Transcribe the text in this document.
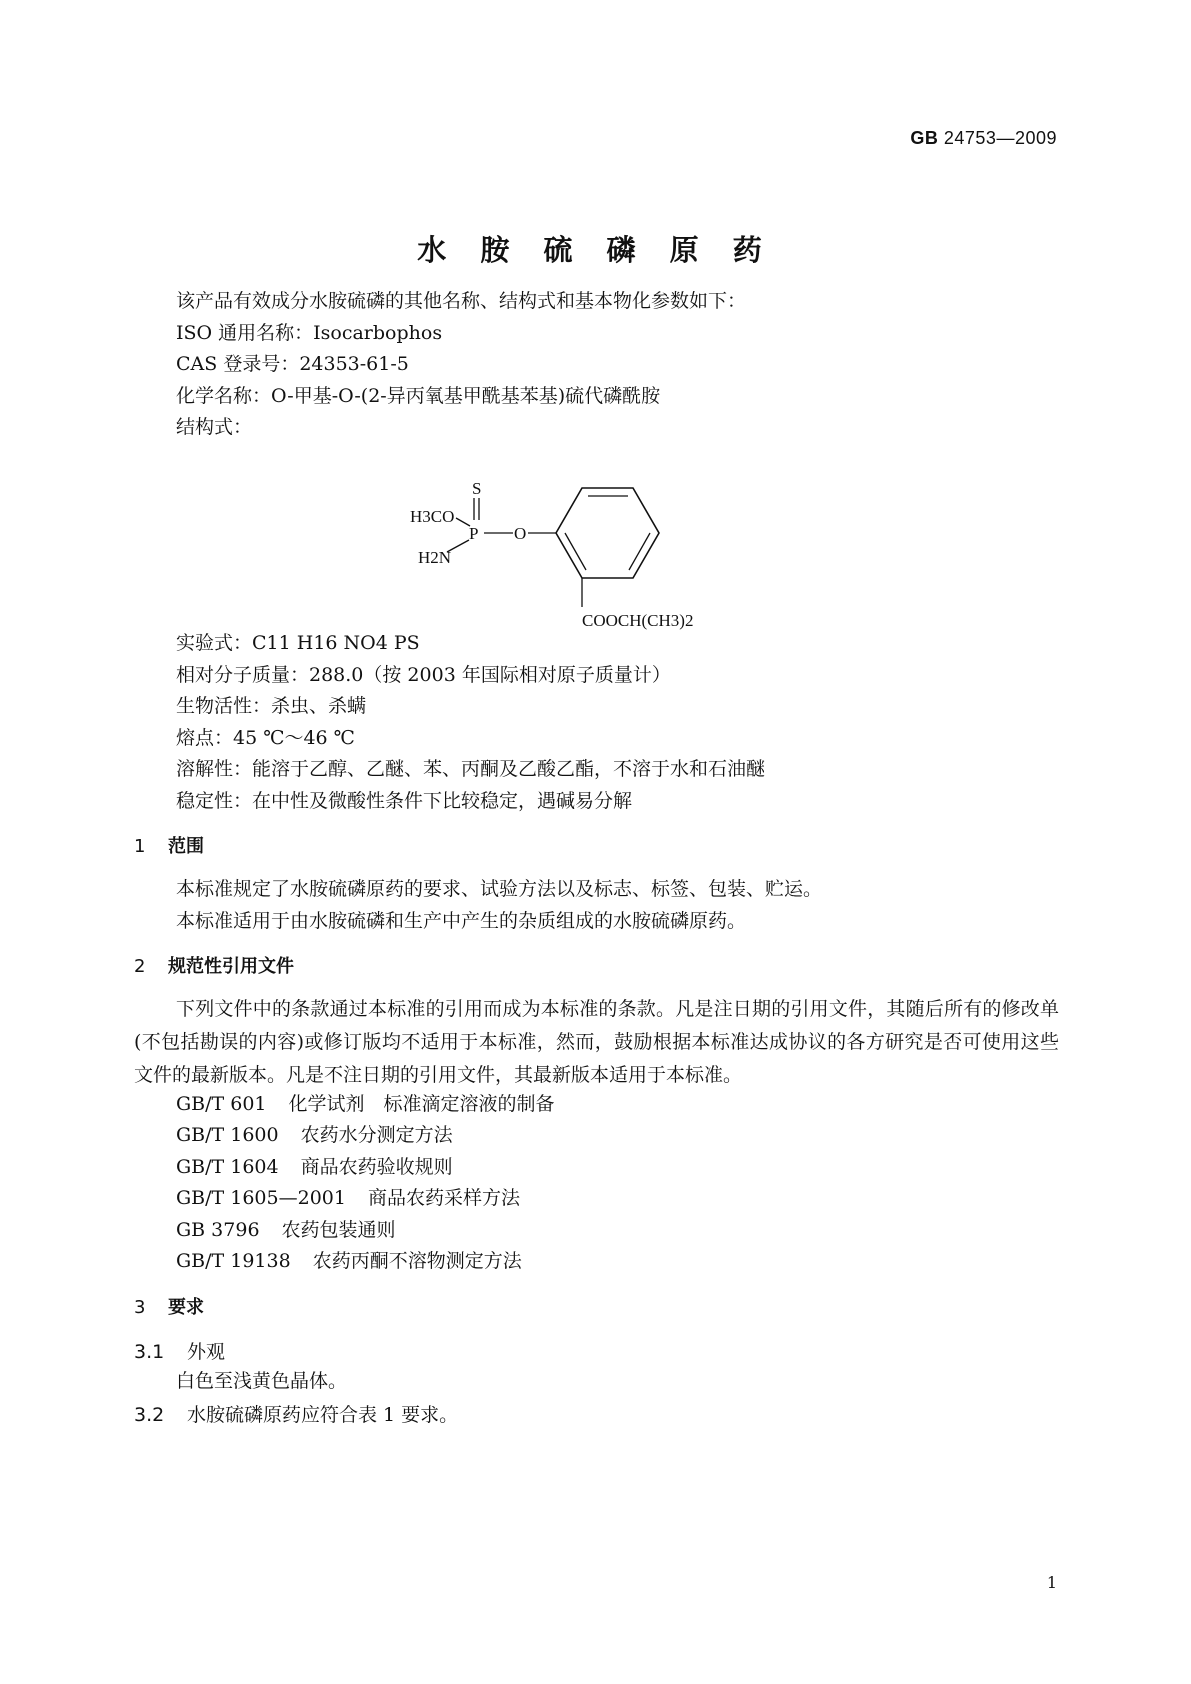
GB 24753—2009
水 胺 硫 磷 原 药
该产品有效成分水胺硫磷的其他名称、结构式和基本物化参数如下：
ISO 通用名称：Isocarbophos
CAS 登录号：24353-61-5
化学名称：O-甲基-O-(2-异丙氧基甲酰基苯基)硫代磷酰胺
结构式：
S
H3CO
P O
H2N
COOCH(CH3)2
实验式：C11 H16 NO4 PS
相对分子质量：288.0（按 2003 年国际相对原子质量计）
生物活性：杀虫、杀螨
熔点：45 ℃～46 ℃
溶解性：能溶于乙醇、乙醚、苯、丙酮及乙酸乙酯，不溶于水和石油醚
稳定性：在中性及微酸性条件下比较稳定，遇碱易分解
1 范围
本标准规定了水胺硫磷原药的要求、试验方法以及标志、标签、包装、贮运。
本标准适用于由水胺硫磷和生产中产生的杂质组成的水胺硫磷原药。
2 规范性引用文件
下列文件中的条款通过本标准的引用而成为本标准的条款。凡是注日期的引用文件，其随后所有的修改单(不包括勘误的内容)或修订版均不适用于本标准，然而，鼓励根据本标准达成协议的各方研究是否可使用这些文件的最新版本。凡是不注日期的引用文件，其最新版本适用于本标准。
GB/T 601 化学试剂　标准滴定溶液的制备
GB/T 1600 农药水分测定方法
GB/T 1604 商品农药验收规则
GB/T 1605—2001 商品农药采样方法
GB 3796 农药包装通则
GB/T 19138 农药丙酮不溶物测定方法
3 要求
3.1 外观
白色至浅黄色晶体。
3.2 水胺硫磷原药应符合表 1 要求。
1
